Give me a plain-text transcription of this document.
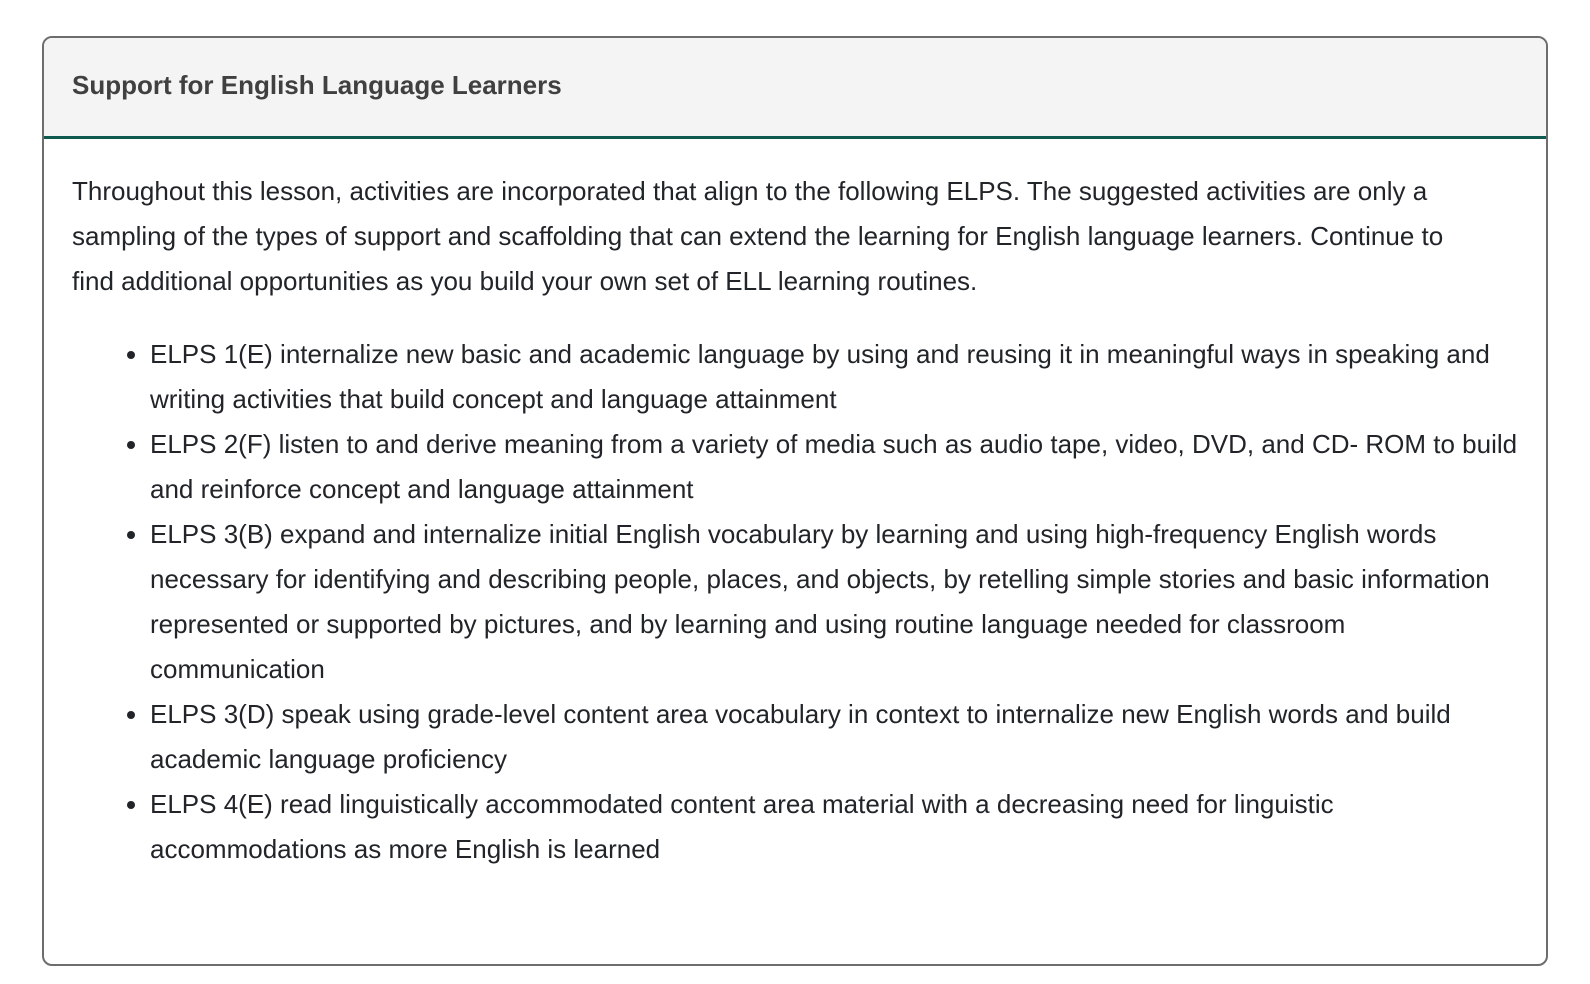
Support for English Language Learners

Throughout this lesson, activities are incorporated that align to the following ELPS. The suggested activities are only a sampling of the types of support and scaffolding that can extend the learning for English language learners. Continue to find additional opportunities as you build your own set of ELL learning routines.

• ELPS 1(E) internalize new basic and academic language by using and reusing it in meaningful ways in speaking and writing activities that build concept and language attainment
• ELPS 2(F) listen to and derive meaning from a variety of media such as audio tape, video, DVD, and CD- ROM to build and reinforce concept and language attainment
• ELPS 3(B) expand and internalize initial English vocabulary by learning and using high-frequency English words necessary for identifying and describing people, places, and objects, by retelling simple stories and basic information represented or supported by pictures, and by learning and using routine language needed for classroom communication
• ELPS 3(D) speak using grade-level content area vocabulary in context to internalize new English words and build academic language proficiency
• ELPS 4(E) read linguistically accommodated content area material with a decreasing need for linguistic accommodations as more English is learned
